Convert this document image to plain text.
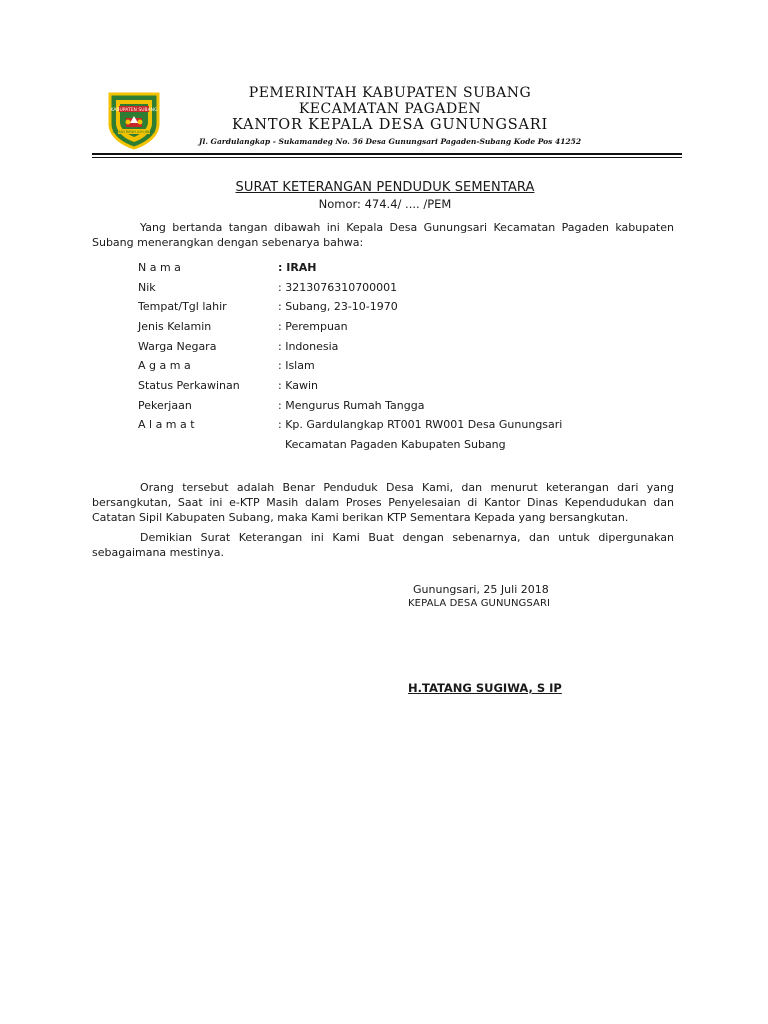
KABUPATEN SUBANG
GEMAH RIPAH LOH JINAWI
PEMERINTAH KABUPATEN SUBANG
KECAMATAN PAGADEN
KANTOR KEPALA DESA GUNUNGSARI
Jl. Gardulangkap - Sukamandeg No. 56 Desa Gunungsari Pagaden-Subang Kode Pos 41252
SURAT KETERANGAN PENDUDUK SEMENTARA
Nomor: 474.4/ .... /PEM
Yang bertanda tangan dibawah ini Kepala Desa Gunungsari Kecamatan Pagaden kabupaten Subang menerangkan dengan sebenarya bahwa:
N a m a	: IRAH
Nik	: 3213076310700001
Tempat/Tgl lahir	: Subang, 23-10-1970
Jenis Kelamin	: Perempuan
Warga Negara	: Indonesia
A g a m a	: Islam
Status Perkawinan	: Kawin
Pekerjaan	: Mengurus Rumah Tangga
A l a m a t	: Kp. Gardulangkap RT001 RW001 Desa Gunungsari
Kecamatan Pagaden Kabupaten Subang
Orang tersebut adalah Benar Penduduk Desa Kami, dan menurut keterangan dari yang bersangkutan, Saat ini e-KTP Masih dalam Proses Penyelesaian di Kantor Dinas Kependudukan dan Catatan Sipil Kabupaten Subang, maka Kami berikan KTP Sementara Kepada yang bersangkutan.
Demikian Surat Keterangan ini Kami Buat dengan sebenarnya, dan untuk dipergunakan sebagaimana mestinya.
Gunungsari, 25 Juli 2018
KEPALA DESA GUNUNGSARI
H.TATANG SUGIWA, S IP
